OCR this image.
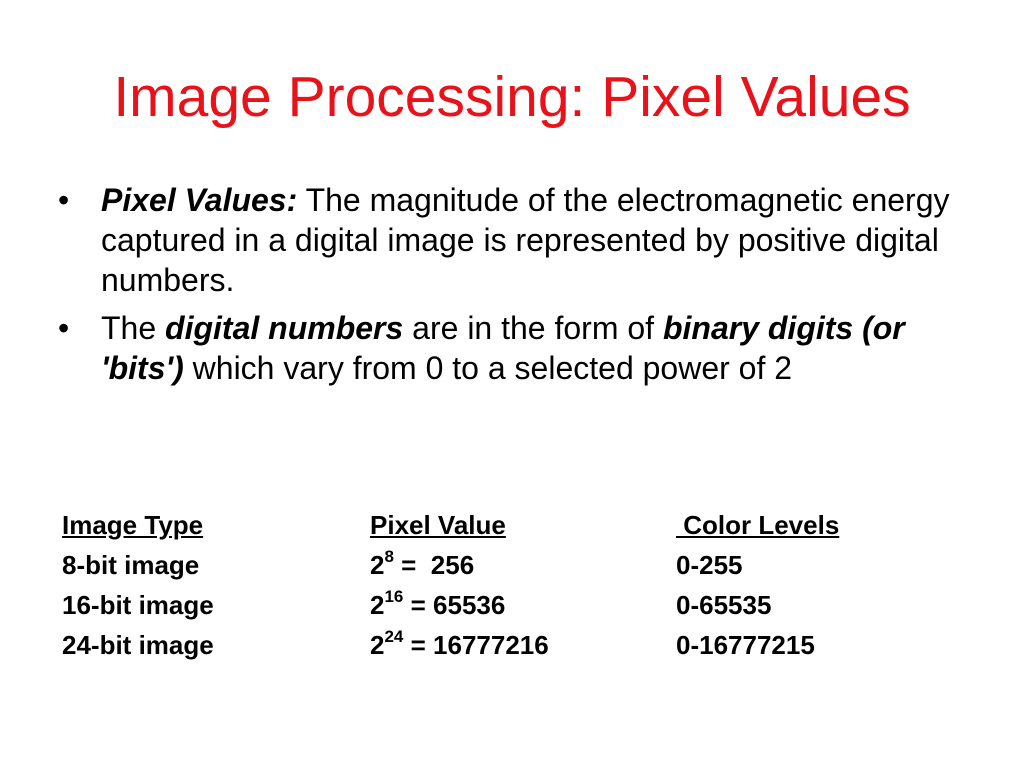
Image Processing: Pixel Values
• Pixel Values: The magnitude of the electromagnetic energy captured in a digital image is represented by positive digital numbers.
• The digital numbers are in the form of binary digits (or 'bits') which vary from 0 to a selected power of 2
Image Type	Pixel Value	Color Levels
8-bit image	$2^8 = 256$	0-255
16-bit image	$2^{16} = 65536$	0-65535
24-bit image	$2^{24} = 16777216$	0-16777215
